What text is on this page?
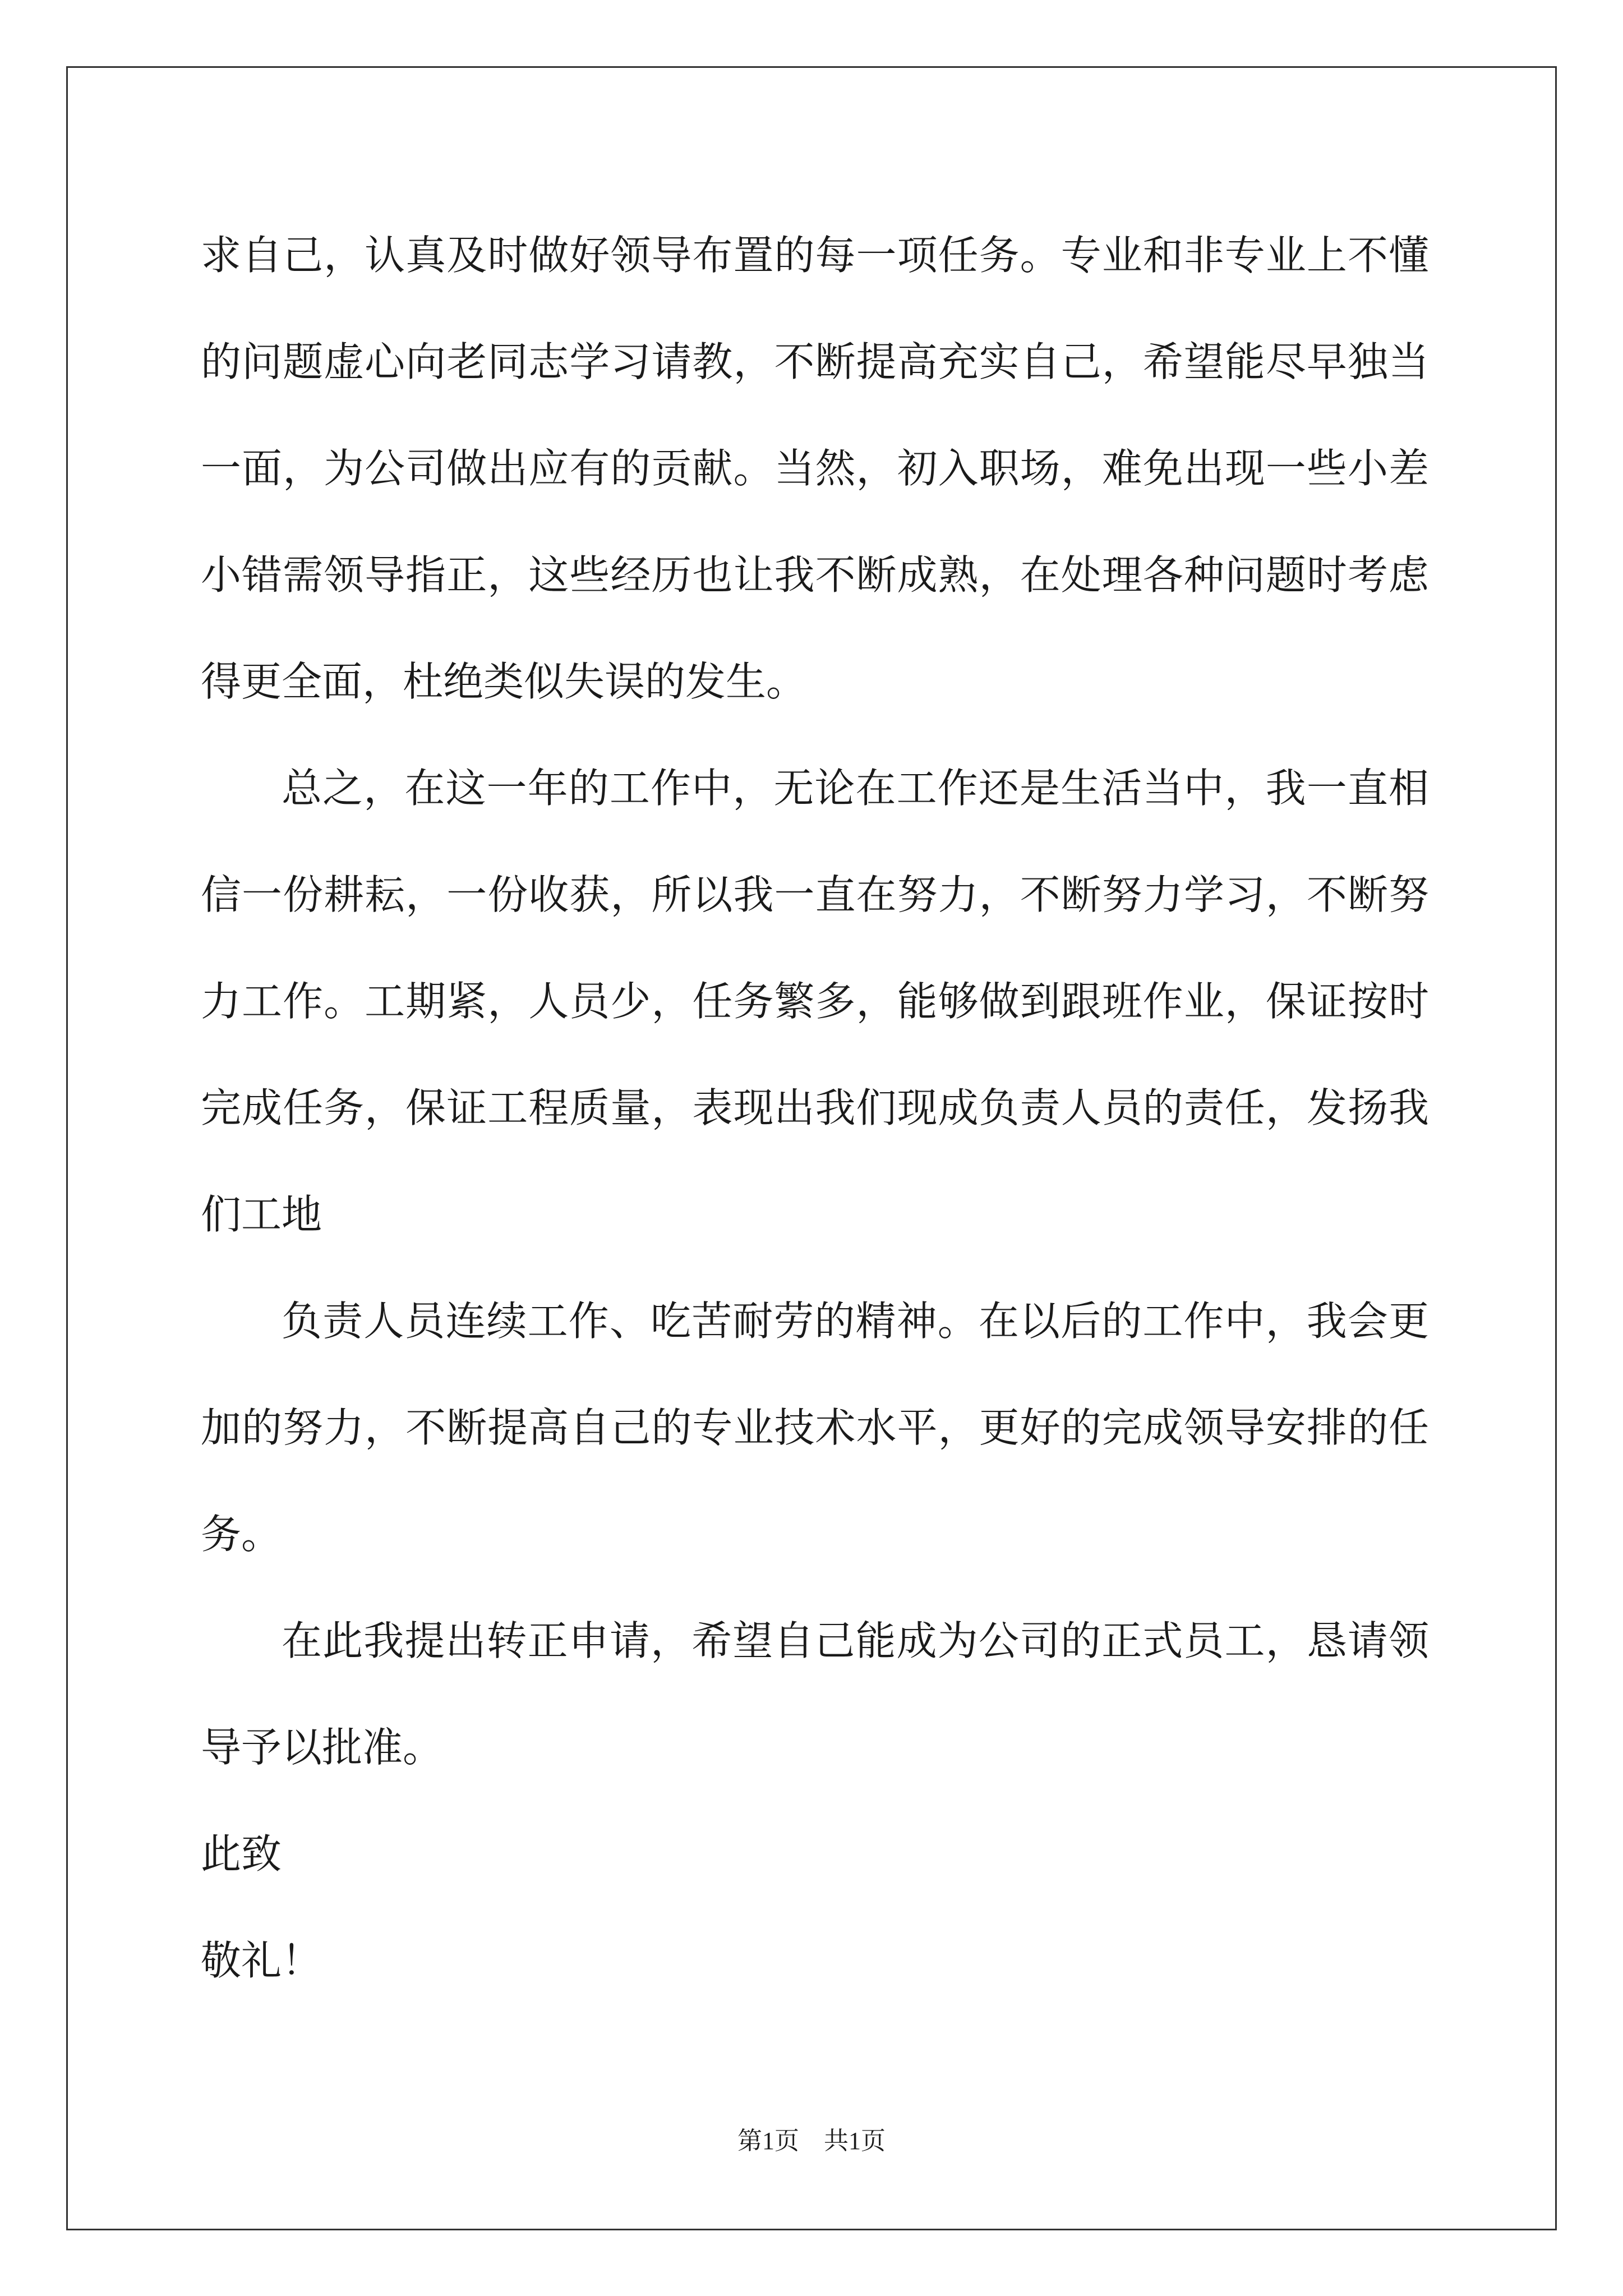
求自己，认真及时做好领导布置的每一项任务。专业和非专业上不懂的问题虚心向老同志学习请教，不断提高充实自己，希望能尽早独当一面，为公司做出应有的贡献。当然，初入职场，难免出现一些小差小错需领导指正，这些经历也让我不断成熟，在处理各种问题时考虑得更全面，杜绝类似失误的发生。

总之，在这一年的工作中，无论在工作还是生活当中，我一直相信一份耕耘，一份收获，所以我一直在努力，不断努力学习，不断努力工作。工期紧，人员少，任务繁多，能够做到跟班作业，保证按时完成任务，保证工程质量，表现出我们现成负责人员的责任，发扬我们工地

负责人员连续工作、吃苦耐劳的精神。在以后的工作中，我会更加的努力，不断提高自己的专业技术水平，更好的完成领导安排的任务。

在此我提出转正申请，希望自己能成为公司的正式员工，恳请领导予以批准。

此致

敬礼！

第1页　共1页
